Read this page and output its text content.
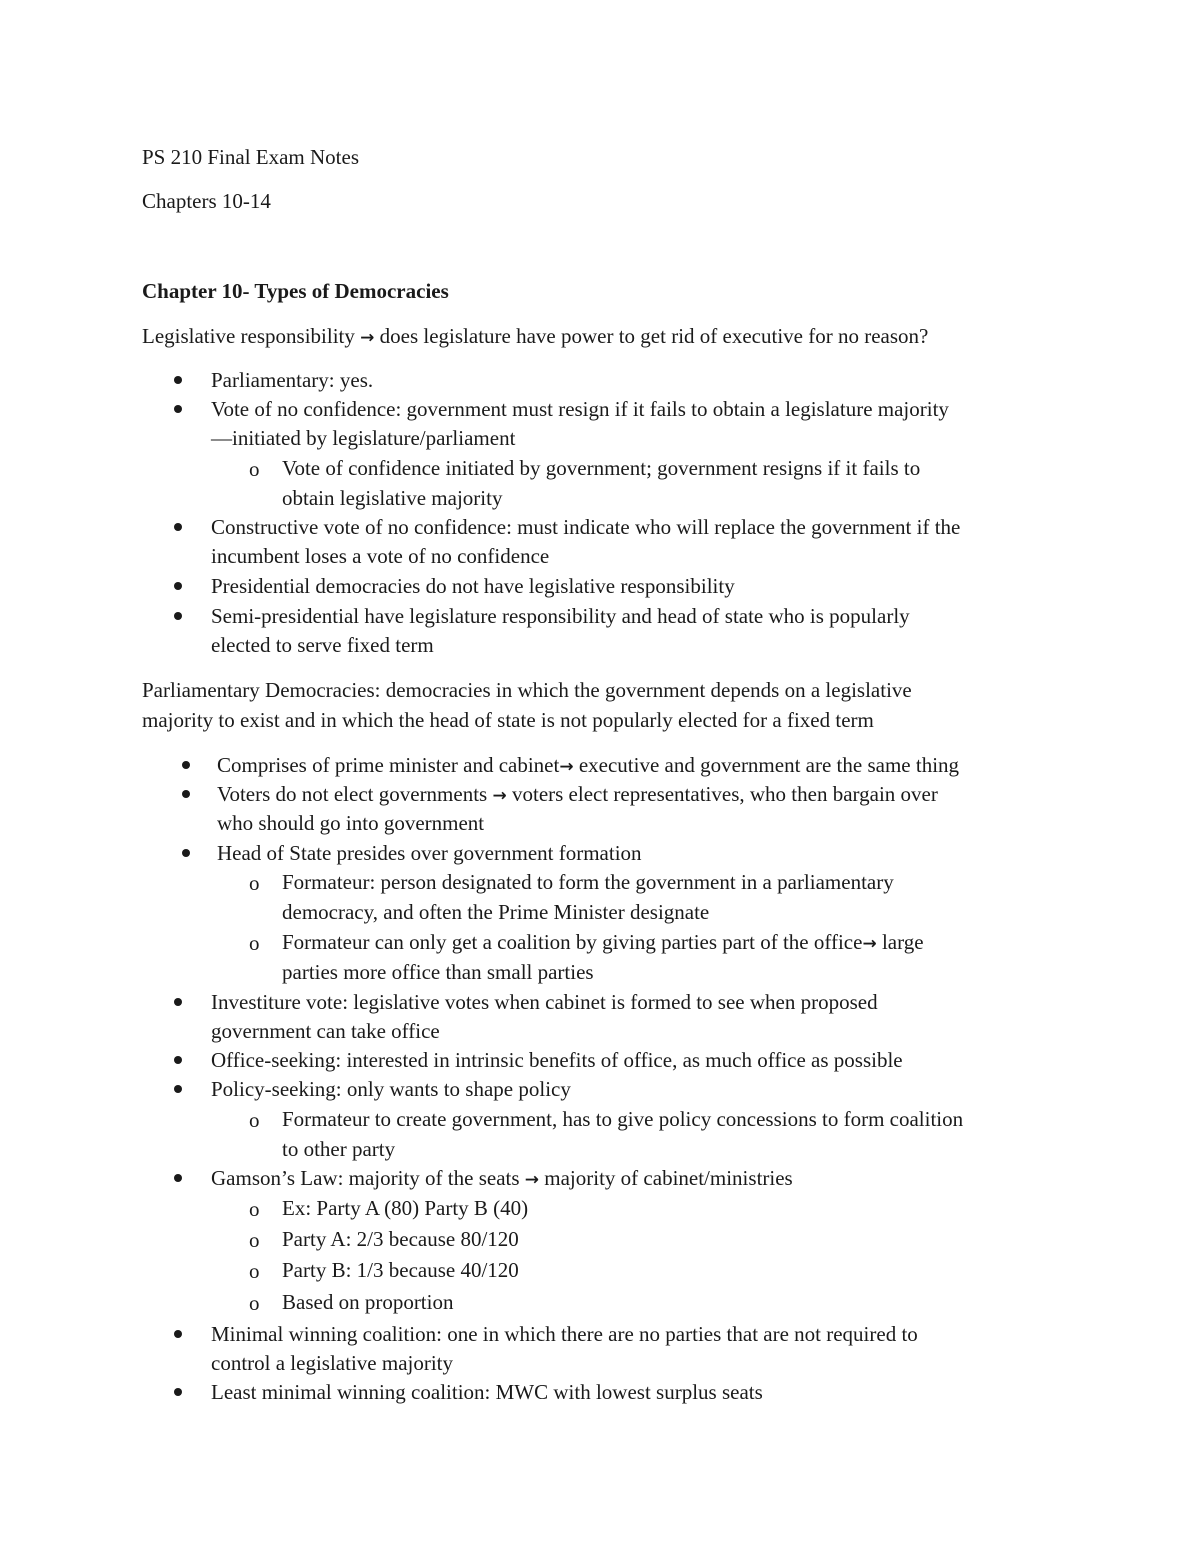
PS 210 Final Exam Notes
Chapters 10-14
Chapter 10- Types of Democracies
Legislative responsibility → does legislature have power to get rid of executive for no reason?
Parliamentary: yes.
Vote of no confidence: government must resign if it fails to obtain a legislature majority
—initiated by legislature/parliament
o Vote of confidence initiated by government; government resigns if it fails to
obtain legislative majority
Constructive vote of no confidence: must indicate who will replace the government if the
incumbent loses a vote of no confidence
Presidential democracies do not have legislative responsibility
Semi-presidential have legislature responsibility and head of state who is popularly
elected to serve fixed term
Parliamentary Democracies: democracies in which the government depends on a legislative
majority to exist and in which the head of state is not popularly elected for a fixed term
Comprises of prime minister and cabinet→ executive and government are the same thing
Voters do not elect governments → voters elect representatives, who then bargain over
who should go into government
Head of State presides over government formation
o Formateur: person designated to form the government in a parliamentary
democracy, and often the Prime Minister designate
o Formateur can only get a coalition by giving parties part of the office→ large
parties more office than small parties
Investiture vote: legislative votes when cabinet is formed to see when proposed
government can take office
Office-seeking: interested in intrinsic benefits of office, as much office as possible
Policy-seeking: only wants to shape policy
o Formateur to create government, has to give policy concessions to form coalition
to other party
Gamson’s Law: majority of the seats → majority of cabinet/ministries
o Ex: Party A (80) Party B (40)
o Party A: 2/3 because 80/120
o Party B: 1/3 because 40/120
o Based on proportion
Minimal winning coalition: one in which there are no parties that are not required to
control a legislative majority
Least minimal winning coalition: MWC with lowest surplus seats
